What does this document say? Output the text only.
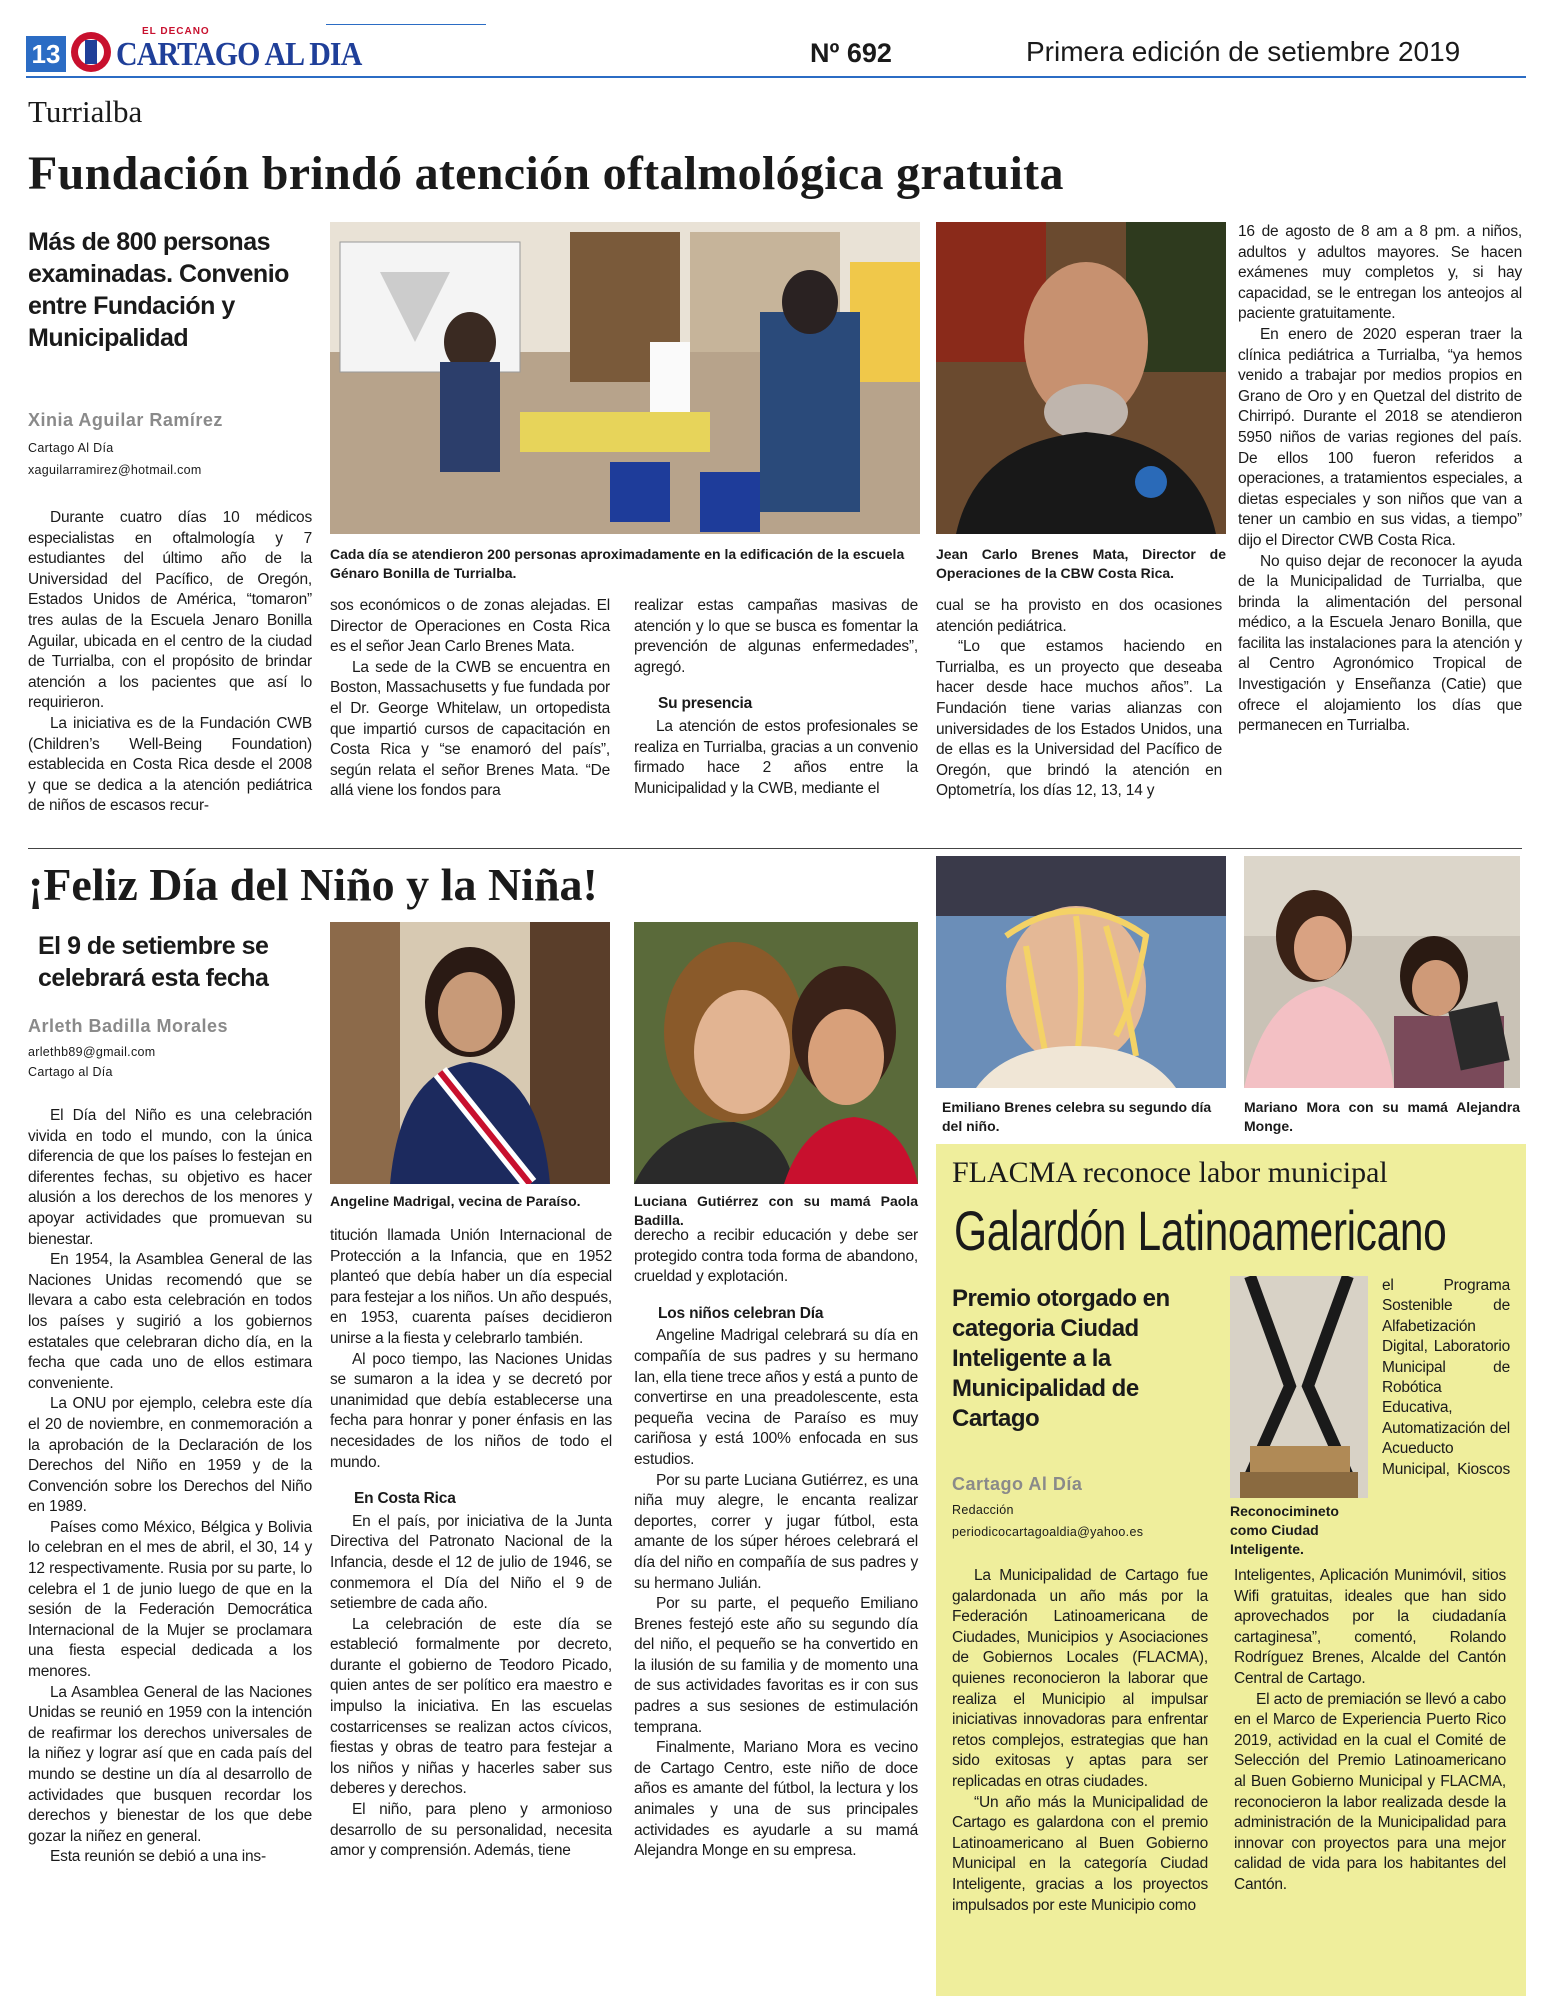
13
EL DECANO
CARTAGO AL DIA	Nº 692	Primera edición de setiembre 2019
Turrialba
Fundación brindó atención oftalmológica gratuita
Más de 800 personas examinadas. Convenio entre Fundación y Municipalidad
Xinia Aguilar Ramírez
Cartago Al Día
xaguilarramirez@hotmail.com
Cada día se atendieron 200 personas aproximadamente en la edificación de la escuela Génaro Bonilla de Turrialba.
Jean Carlo Brenes Mata, Director de Operaciones de la CBW Costa Rica.

Durante cuatro días 10 médicos especialistas en oftalmología y 7 estudiantes del último año de la Universidad del Pacífico, de Oregón, Estados Unidos de América, “tomaron” tres aulas de la Escuela Jenaro Bonilla Aguilar, ubicada en el centro de la ciudad de Turrialba, con el propósito de brindar atención a los pacientes que así lo requirieron.

La iniciativa es de la Fundación CWB (Children’s Well-Being Foundation) establecida en Costa Rica desde el 2008 y que se dedica a la atención pediátrica de niños de escasos recur-

sos económicos o de zonas alejadas. El Director de Operaciones en Costa Rica es el señor Jean Carlo Brenes Mata.

La sede de la CWB se encuentra en Boston, Massachusetts y fue fundada por el Dr. George Whitelaw, un ortopedista que impartió cursos de capacitación en Costa Rica y “se enamoró del país”, según relata el señor Brenes Mata. “De allá viene los fondos para

realizar estas campañas masivas de atención y lo que se busca es fomentar la prevención de algunas enfermedades”, agregó.

Su presencia

La atención de estos profesionales se realiza en Turrialba, gracias a un convenio firmado hace 2 años entre la Municipalidad y la CWB, mediante el

cual se ha provisto en dos ocasiones atención pediátrica.

“Lo que estamos haciendo en Turrialba, es un proyecto que deseaba hacer desde hace muchos años”. La Fundación tiene varias alianzas con universidades de los Estados Unidos, una de ellas es la Universidad del Pacífico de Oregón, que brindó la atención en Optometría, los días 12, 13, 14 y

16 de agosto de 8 am a 8 pm. a niños, adultos y adultos mayores. Se hacen exámenes muy completos y, si hay capacidad, se le entregan los anteojos al paciente gratuitamente.

En enero de 2020 esperan traer la clínica pediátrica a Turrialba, “ya hemos venido a trabajar por medios propios en Grano de Oro y en Quetzal del distrito de Chirripó. Durante el 2018 se atendieron 5950 niños de varias regiones del país. De ellos 100 fueron referidos a operaciones, a tratamientos especiales, a dietas especiales y son niños que van a tener un cambio en sus vidas, a tiempo” dijo el Director CWB Costa Rica.

No quiso dejar de reconocer la ayuda de la Municipalidad de Turrialba, que brinda la alimentación del personal médico, a la Escuela Jenaro Bonilla, que facilita las instalaciones para la atención y al Centro Agronómico Tropical de Investigación y Enseñanza (Catie) que ofrece el alojamiento los días que permanecen en Turrialba.

¡Feliz Día del Niño y la Niña!
El 9 de setiembre se celebrará esta fecha
Arleth Badilla Morales
arlethb89@gmail.com
Cartago al Día
Angeline Madrigal, vecina de Paraíso.	Luciana Gutiérrez con su mamá Paola Badilla.
Emiliano Brenes celebra su segundo día del niño.
Mariano Mora con su mamá Alejandra Monge.

El Día del Niño es una celebración vivida en todo el mundo, con la única diferencia de que los países lo festejan en diferentes fechas, su objetivo es hacer alusión a los derechos de los menores y apoyar actividades que promuevan su bienestar.

En 1954, la Asamblea General de las Naciones Unidas recomendó que se llevara a cabo esta celebración en todos los países y sugirió a los gobiernos estatales que celebraran dicho día, en la fecha que cada uno de ellos estimara conveniente.

La ONU por ejemplo, celebra este día el 20 de noviembre, en conmemoración a la aprobación de la Declaración de los Derechos del Niño en 1959 y de la Convención sobre los Derechos del Niño en 1989.

Países como México, Bélgica y Bolivia lo celebran en el mes de abril, el 30, 14 y 12 respectivamente. Rusia por su parte, lo celebra el 1 de junio luego de que en la sesión de la Federación Democrática Internacional de la Mujer se proclamara una fiesta especial dedicada a los menores.

La Asamblea General de las Naciones Unidas se reunió en 1959 con la intención de reafirmar los derechos universales de la niñez y lograr así que en cada país del mundo se destine un día al desarrollo de actividades que busquen recordar los derechos y bienestar de los que debe gozar la niñez en general.

Esta reunión se debió a una ins-

titución llamada Unión Internacional de Protección a la Infancia, que en 1952 planteó que debía haber un día especial para festejar a los niños. Un año después, en 1953, cuarenta países decidieron unirse a la fiesta y celebrarlo también.

Al poco tiempo, las Naciones Unidas se sumaron a la idea y se decretó por unanimidad que debía establecerse una fecha para honrar y poner énfasis en las necesidades de los niños de todo el mundo.

En Costa Rica

En el país, por iniciativa de la Junta Directiva del Patronato Nacional de la Infancia, desde el 12 de julio de 1946, se conmemora el Día del Niño el 9 de setiembre de cada año.

La celebración de este día se estableció formalmente por decreto, durante el gobierno de Teodoro Picado, quien antes de ser político era maestro e impulso la iniciativa. En las escuelas costarricenses se realizan actos cívicos, fiestas y obras de teatro para festejar a los niños y niñas y hacerles saber sus deberes y derechos.

El niño, para pleno y armonioso desarrollo de su personalidad, necesita amor y comprensión. Además, tiene

derecho a recibir educación y debe ser protegido contra toda forma de abandono, crueldad y explotación.

Los niños celebran Día

Angeline Madrigal celebrará su día en compañía de sus padres y su hermano Ian, ella tiene trece años y está a punto de convertirse en una preadolescente, esta pequeña vecina de Paraíso es muy cariñosa y está 100% enfocada en sus estudios.

Por su parte Luciana Gutiérrez, es una niña muy alegre, le encanta realizar deportes, correr y jugar fútbol, esta amante de los súper héroes celebrará el día del niño en compañía de sus padres y su hermano Julián.

Por su parte, el pequeño Emiliano Brenes festejó este año su segundo día del niño, el pequeño se ha convertido en la ilusión de su familia y de momento una de sus actividades favoritas es ir con sus padres a sus sesiones de estimulación temprana.

Finalmente, Mariano Mora es vecino de Cartago Centro, este niño de doce años es amante del fútbol, la lectura y los animales y una de sus principales actividades es ayudarle a su mamá Alejandra Monge en su empresa.

FLACMA reconoce labor municipal
Galardón Latinoamericano
Premio otorgado en categoria Ciudad Inteligente a la Municipalidad de Cartago
Cartago Al Día
Redacción
periodicocartagoaldia@yahoo.es
Reconocimineto como Ciudad Inteligente.
el Programa Sostenible de Alfabetización Digital, Laboratorio Municipal de Robótica Educativa, Automatización del Acueducto Municipal, Kioscos

La Municipalidad de Cartago fue galardonada un año más por la Federación Latinoamericana de Ciudades, Municipios y Asociaciones de Gobiernos Locales (FLACMA), quienes reconocieron la laborar que realiza el Municipio al impulsar iniciativas innovadoras para enfrentar retos complejos, estrategias que han sido exitosas y aptas para ser replicadas en otras ciudades.

“Un año más la Municipalidad de Cartago es galardona con el premio Latinoamericano al Buen Gobierno Municipal en la categoría Ciudad Inteligente, gracias a los proyectos impulsados por este Municipio como

Inteligentes, Aplicación Munimóvil, sitios Wifi gratuitas, ideales que han sido aprovechados por la ciudadanía cartaginesa”, comentó, Rolando Rodríguez Brenes, Alcalde del Cantón Central de Cartago.

El acto de premiación se llevó a cabo en el Marco de Experiencia Puerto Rico 2019, actividad en la cual el Comité de Selección del Premio Latinoamericano al Buen Gobierno Municipal y FLACMA, reconocieron la labor realizada desde la administración de la Municipalidad para innovar con proyectos para una mejor calidad de vida para los habitantes del Cantón.
